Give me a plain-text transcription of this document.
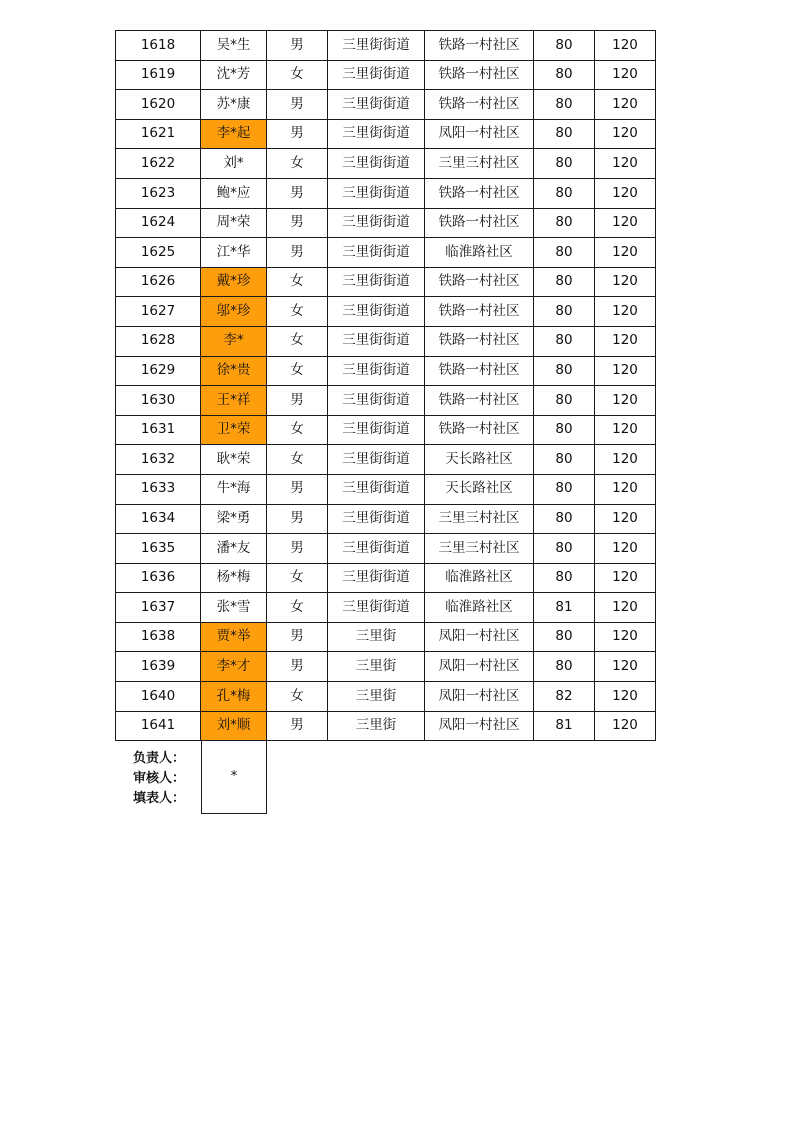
1618	吴*生	男	三里街街道	铁路一村社区	80	120
1619	沈*芳	女	三里街街道	铁路一村社区	80	120
1620	苏*康	男	三里街街道	铁路一村社区	80	120
1621	李*起	男	三里街街道	凤阳一村社区	80	120
1622	刘*	女	三里街街道	三里三村社区	80	120
1623	鲍*应	男	三里街街道	铁路一村社区	80	120
1624	周*荣	男	三里街街道	铁路一村社区	80	120
1625	江*华	男	三里街街道	临淮路社区	80	120
1626	戴*珍	女	三里街街道	铁路一村社区	80	120
1627	邬*珍	女	三里街街道	铁路一村社区	80	120
1628	李*	女	三里街街道	铁路一村社区	80	120
1629	徐*贵	女	三里街街道	铁路一村社区	80	120
1630	王*祥	男	三里街街道	铁路一村社区	80	120
1631	卫*荣	女	三里街街道	铁路一村社区	80	120
1632	耿*荣	女	三里街街道	天长路社区	80	120
1633	牛*海	男	三里街街道	天长路社区	80	120
1634	梁*勇	男	三里街街道	三里三村社区	80	120
1635	潘*友	男	三里街街道	三里三村社区	80	120
1636	杨*梅	女	三里街街道	临淮路社区	80	120
1637	张*雪	女	三里街街道	临淮路社区	81	120
1638	贾*举	男	三里街	凤阳一村社区	80	120
1639	李*才	男	三里街	凤阳一村社区	80	120
1640	孔*梅	女	三里街	凤阳一村社区	82	120
1641	刘*顺	男	三里街	凤阳一村社区	81	120
负责人：
审核人：
填表人：
*
